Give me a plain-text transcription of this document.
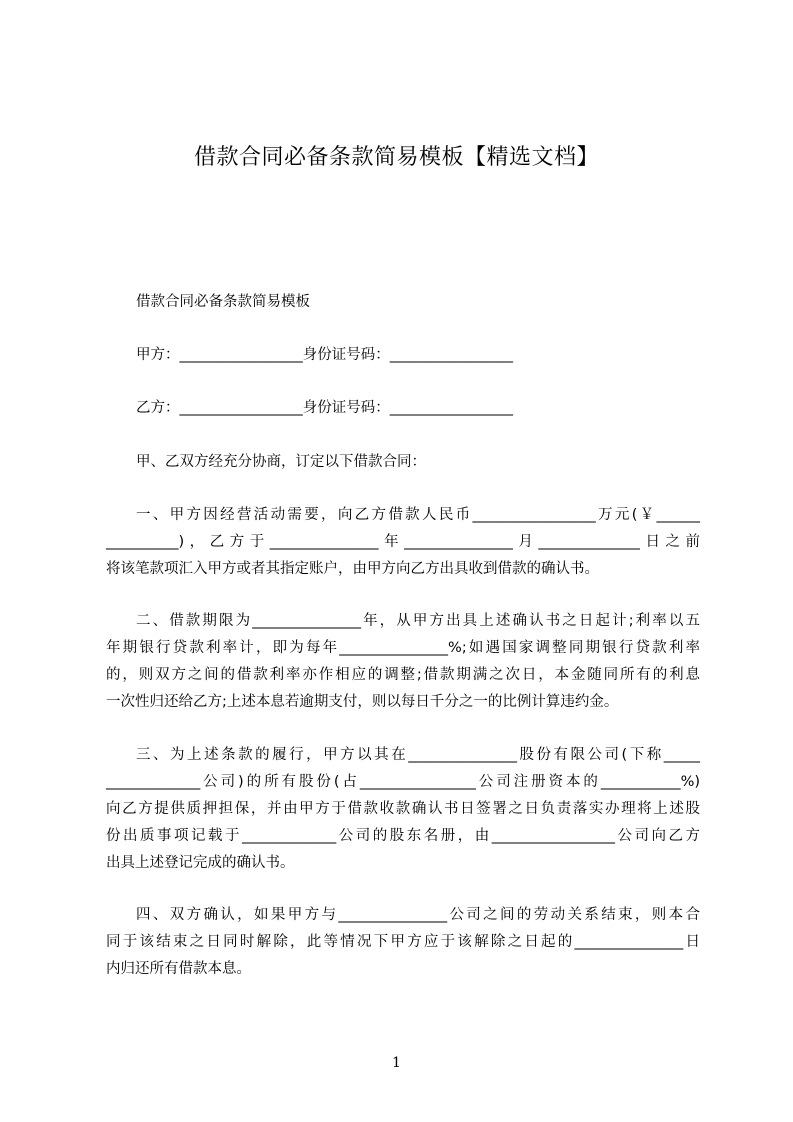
借款合同必备条款简易模板【精选文档】
借款合同必备条款简易模板
甲方：_________________身份证号码：_________________
乙方：_________________身份证号码：_________________
甲、乙双方经充分协商，订定以下借款合同：
一、甲方因经营活动需要，向乙方借款人民币_________________万元(￥______
__________)，乙方于_______________年_______________月______________日之前
将该笔款项汇入甲方或者其指定账户，由甲方向乙方出具收到借款的确认书。
二、借款期限为_______________年，从甲方出具上述确认书之日起计;利率以五
年期银行贷款利率计，即为每年_______________%;如遇国家调整同期银行贷款利率
的，则双方之间的借款利率亦作相应的调整;借款期满之次日，本金随同所有的利息
一次性归还给乙方;上述本息若逾期支付，则以每日千分之一的比例计算违约金。
三、为上述条款的履行，甲方以其在_______________股份有限公司(下称_____
_____________公司)的所有股份(占________________公司注册资本的___________%)
向乙方提供质押担保，并由甲方于借款收款确认书日签署之日负责落实办理将上述股
份出质事项记载于_____________公司的股东名册，由_________________公司向乙方
出具上述登记完成的确认书。
四、双方确认，如果甲方与_______________公司之间的劳动关系结束，则本合
同于该结束之日同时解除，此等情况下甲方应于该解除之日起的_______________日
内归还所有借款本息。
1
